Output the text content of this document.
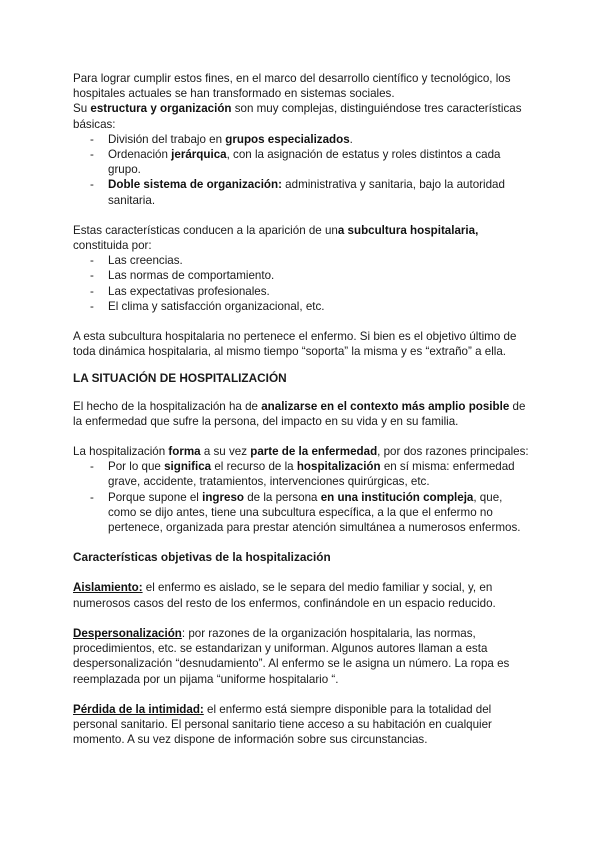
Para lograr cumplir estos fines, en el marco del desarrollo científico y tecnológico, los hospitales actuales se han transformado en sistemas sociales.
Su estructura y organización son muy complejas, distinguiéndose tres características básicas:

- División del trabajo en grupos especializados.
- Ordenación jerárquica, con la asignación de estatus y roles distintos a cada grupo.
- Doble sistema de organización: administrativa y sanitaria, bajo la autoridad sanitaria.

Estas características conducen a la aparición de una subcultura hospitalaria, constituida por:

- Las creencias.
- Las normas de comportamiento.
- Las expectativas profesionales.
- El clima y satisfacción organizacional, etc.

A esta subcultura hospitalaria no pertenece el enfermo. Si bien es el objetivo último de toda dinámica hospitalaria, al mismo tiempo “soporta” la misma y es “extraño” a ella.

LA SITUACIÓN DE HOSPITALIZACIÓN

El hecho de la hospitalización ha de analizarse en el contexto más amplio posible de la enfermedad que sufre la persona, del impacto en su vida y en su familia.

La hospitalización forma a su vez parte de la enfermedad, por dos razones principales:

- Por lo que significa el recurso de la hospitalización en sí misma: enfermedad grave, accidente, tratamientos, intervenciones quirúrgicas, etc.
- Porque supone el ingreso de la persona en una institución compleja, que, como se dijo antes, tiene una subcultura específica, a la que el enfermo no pertenece, organizada para prestar atención simultánea a numerosos enfermos.

Características objetivas de la hospitalización

Aislamiento: el enfermo es aislado, se le separa del medio familiar y social, y, en numerosos casos del resto de los enfermos, confinándole en un espacio reducido.

Despersonalización: por razones de la organización hospitalaria, las normas, procedimientos, etc. se estandarizan y uniforman. Algunos autores llaman a esta despersonalización “desnudamiento”. Al enfermo se le asigna un número. La ropa es reemplazada por un pijama “uniforme hospitalario “.

Pérdida de la intimidad: el enfermo está siempre disponible para la totalidad del personal sanitario. El personal sanitario tiene acceso a su habitación en cualquier momento. A su vez dispone de información sobre sus circunstancias.
